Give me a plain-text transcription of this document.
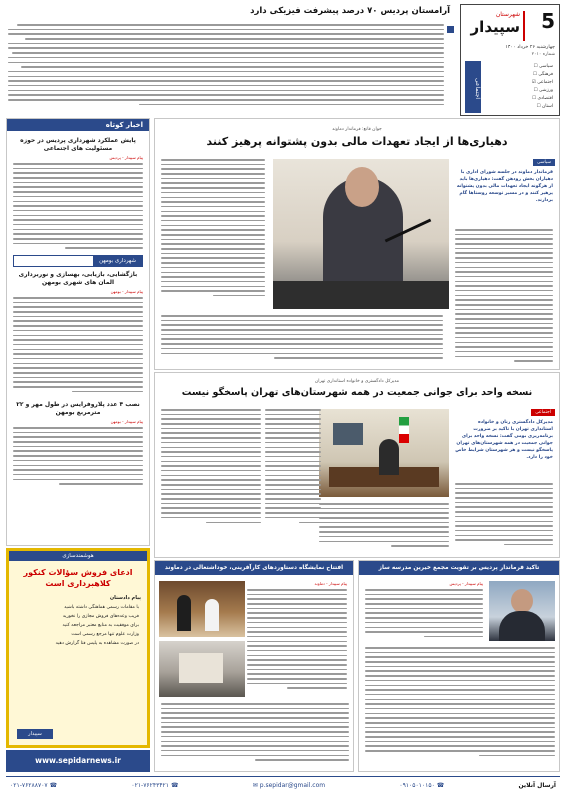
5
شهرستان
سپیدار
چهارشنبه ۲۶ خرداد ۱۴۰۰
شماره ۲۰۱۰
سیاسی ☐
فرهنگی ☐
اجتماعی ☑
ورزشی ☐
اقتصادی ☐
استان ☐
اجتماعی
آرامستان پردیس ۷۰ درصد پیشرفت فیزیکی دارد
اخبار کوتاه
پایش عملکرد شهرداری پردیس در حوزه مسئولیت های اجتماعی
پیام سپیدار - پردیس
شهرداری بومهن
بازگشایی، بازیابی، بهسازی و نوربرداری المان های شهری بومهن
پیام سپیدار - بومهن
نصب ۴ عدد پلاروفرایس در طول مهر و ۲۲ مترمربع بومهن
پیام سپیدار - بومهن
هوشمندسازی
ادعای فروش سؤالات کنکور کلاهبرداری است
پیام دادستان
با مقامات رسمی هماهنگی داشته باشید
فریب وعده‌های فروش مجازی را نخورید
برای موفقیت به منابع معتبر مراجعه کنید
وزارت علوم تنها مرجع رسمی است
در صورت مشاهده به پلیس فتا گزارش دهید
سپیدار
www.sepidarnews.ir
جوان قانع: فرماندار دماوند
دهیاری‌ها از ایجاد تعهدات مالی بدون پشتوانه پرهیز کنند
سیاسی
فرماندار دماوند در جلسه شورای اداری با دهیاران بخش رودهن گفت: دهیاری‌ها باید از هرگونه ایجاد تعهدات مالی بدون پشتوانه پرهیز کنند و در مسیر توسعه روستاها گام بردارند.
مدیرکل دادگستری و خانواده استانداری تهران
نسخه واحد برای جوانی جمعیت در همه شهرستان‌های تهران پاسخگو نیست
اجتماعی
مدیرکل دادگستری زنان و خانواده استانداری تهران با تاکید بر ضرورت برنامه‌ریزی بومی گفت: نسخه واحد برای جوانی جمعیت در همه شهرستان‌های تهران پاسخگو نیست و هر شهرستان شرایط خاص خود را دارد.
افتتاح نمایشگاه دستاوردهای کارآفرینی، خوداشتغالی در دماوند
پیام سپیدار - دماوند
تاکید فرماندار پردیس بر تقویت مجمع خیرین مدرسه ساز
پیام سپیدار - پردیس
آرسال آنلاین
☎
۰۹۱۰۵۰۱۰۱۵۰
✉ p.sepidar@gmail.com
☎
۰۲۱-۷۶۲۴۳۴۲۱
☎
۰۲۱-۷۶۲۸۸۷۰۷
